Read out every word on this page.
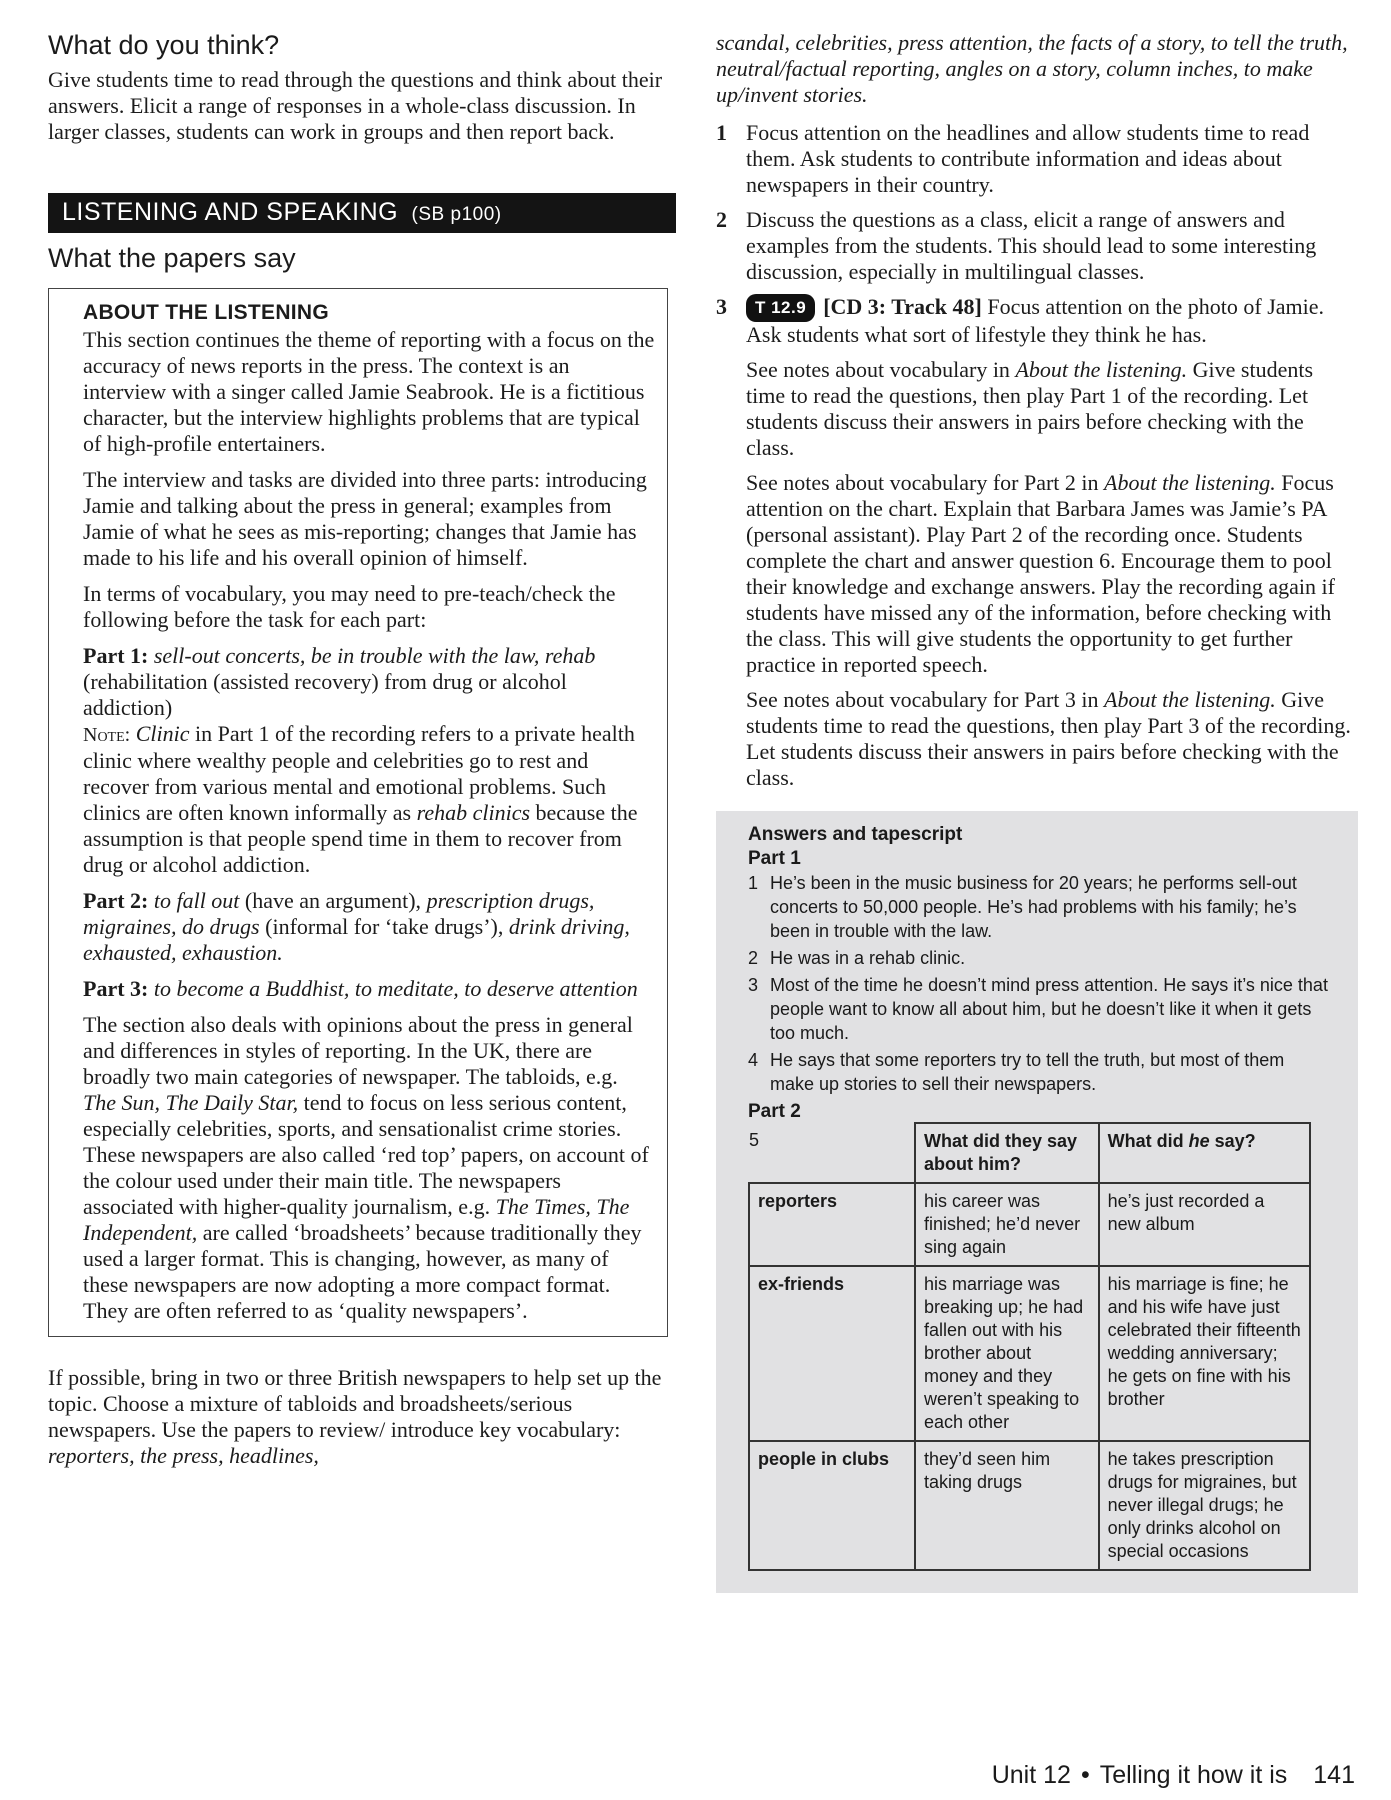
What do you think?

Give students time to read through the questions and think about their answers. Elicit a range of responses in a whole-class discussion. In larger classes, students can work in groups and then report back.

LISTENING AND SPEAKING (SB p100)
What the papers say
ABOUT THE LISTENING

This section continues the theme of reporting with a focus on the accuracy of news reports in the press. The context is an interview with a singer called Jamie Seabrook. He is a fictitious character, but the interview highlights problems that are typical of high-profile entertainers.

The interview and tasks are divided into three parts: introducing Jamie and talking about the press in general; examples from Jamie of what he sees as mis-reporting; changes that Jamie has made to his life and his overall opinion of himself.

In terms of vocabulary, you may need to pre-teach/check the following before the task for each part:

Part 1: sell-out concerts, be in trouble with the law, rehab (rehabilitation (assisted recovery) from drug or alcohol addiction)

Note: Clinic in Part 1 of the recording refers to a private health clinic where wealthy people and celebrities go to rest and recover from various mental and emotional problems. Such clinics are often known informally as rehab clinics because the assumption is that people spend time in them to recover from drug or alcohol addiction.

Part 2: to fall out (have an argument), prescription drugs, migraines, do drugs (informal for ‘take drugs’), drink driving, exhausted, exhaustion.

Part 3: to become a Buddhist, to meditate, to deserve attention

The section also deals with opinions about the press in general and differences in styles of reporting. In the UK, there are broadly two main categories of newspaper. The tabloids, e.g. The Sun, The Daily Star, tend to focus on less serious content, especially celebrities, sports, and sensationalist crime stories. These newspapers are also called ‘red top’ papers, on account of the colour used under their main title. The newspapers associated with higher-quality journalism, e.g. The Times, The Independent, are called ‘broadsheets’ because traditionally they used a larger format. This is changing, however, as many of these newspapers are now adopting a more compact format. They are often referred to as ‘quality newspapers’.

If possible, bring in two or three British newspapers to help set up the topic. Choose a mixture of tabloids and broadsheets/serious newspapers. Use the papers to review/ introduce key vocabulary: reporters, the press, headlines,

scandal, celebrities, press attention, the facts of a story, to tell the truth, neutral/factual reporting, angles on a story, column inches, to make up/invent stories.

1 Focus attention on the headlines and allow students time to read them. Ask students to contribute information and ideas about newspapers in their country.
2 Discuss the questions as a class, elicit a range of answers and examples from the students. This should lead to some interesting discussion, especially in multilingual classes.
3 T 12.9 [CD 3: Track 48] Focus attention on the photo of Jamie. Ask students what sort of lifestyle they think he has.

See notes about vocabulary in About the listening. Give students time to read the questions, then play Part 1 of the recording. Let students discuss their answers in pairs before checking with the class.

See notes about vocabulary for Part 2 in About the listening. Focus attention on the chart. Explain that Barbara James was Jamie’s PA (personal assistant). Play Part 2 of the recording once. Students complete the chart and answer question 6. Encourage them to pool their knowledge and exchange answers. Play the recording again if students have missed any of the information, before checking with the class. This will give students the opportunity to get further practice in reported speech.

See notes about vocabulary for Part 3 in About the listening. Give students time to read the questions, then play Part 3 of the recording. Let students discuss their answers in pairs before checking with the class.

Answers and tapescript
Part 1
1 He’s been in the music business for 20 years; he performs sell-out concerts to 50,000 people. He’s had problems with his family; he’s been in trouble with the law.
2 He was in a rehab clinic.
3 Most of the time he doesn’t mind press attention. He says it’s nice that people want to know all about him, but he doesn’t like it when it gets too much.
4 He says that some reporters try to tell the truth, but most of them make up stories to sell their newspapers.
Part 2
5	What did they say about him?	What did he say?
reporters	his career was finished; he’d never sing again	he’s just recorded a new album
ex-friends	his marriage was breaking up; he had fallen out with his brother about money and they weren’t speaking to each other	his marriage is fine; he and his wife have just celebrated their fifteenth wedding anniversary; he gets on fine with his brother
people in clubs	they’d seen him taking drugs	he takes prescription drugs for migraines, but never illegal drugs; he only drinks alcohol on special occasions
Unit 12 • Telling it how it is 141
